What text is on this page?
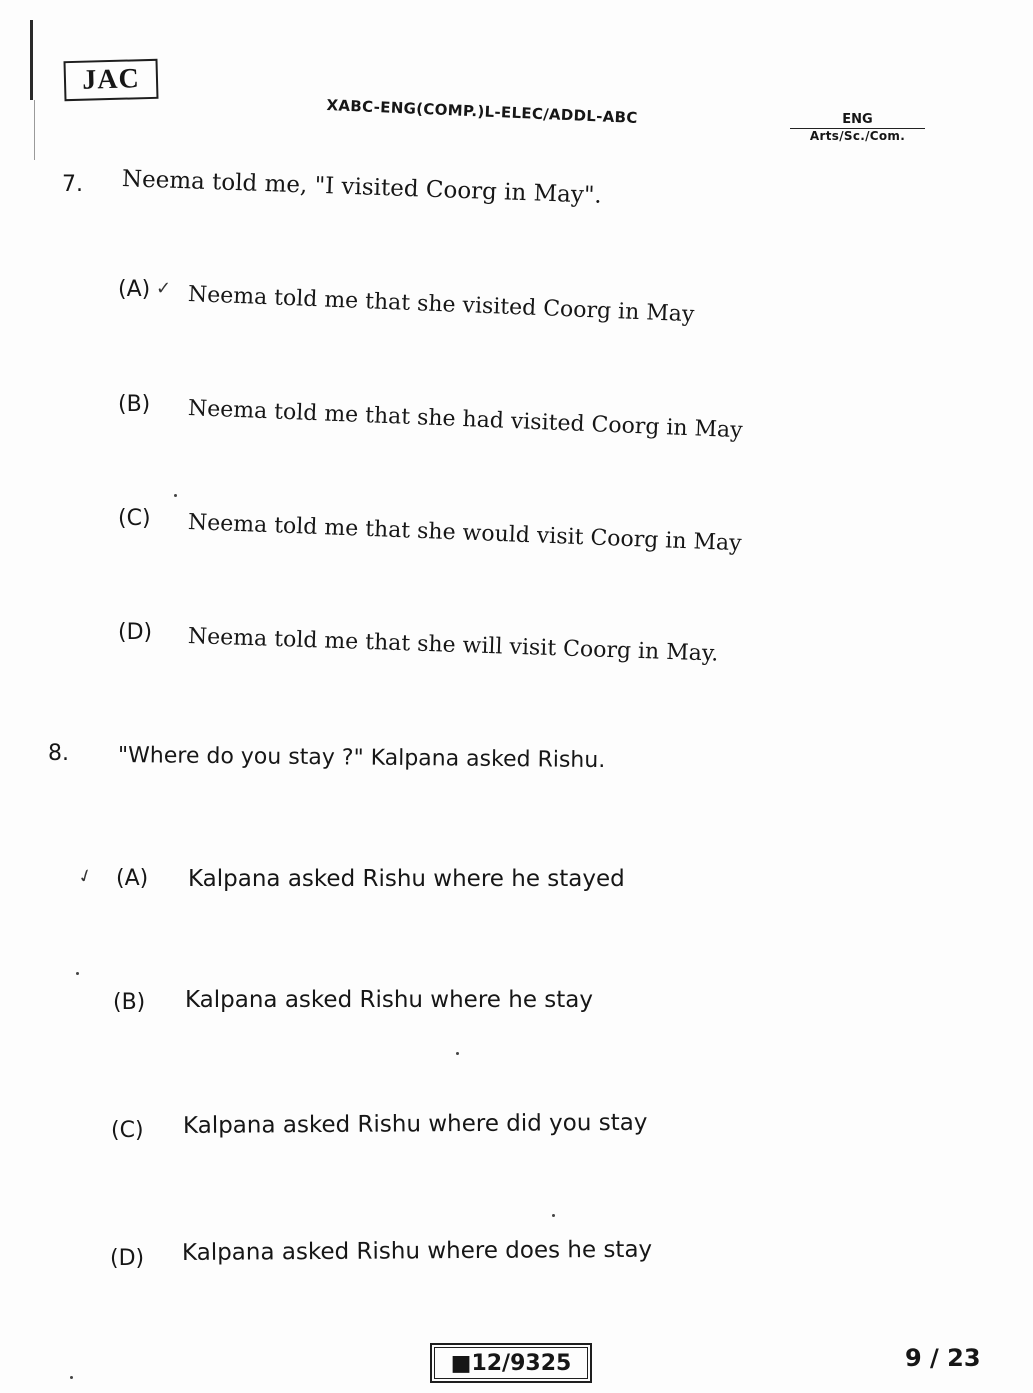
JAC
XABC-ENG(COMP.)L-ELEC/ADDL-ABC	ENG
Arts/Sc./Com.
7. Neema told me, "I visited Coorg in May".
(A) ✓ Neema told me that she visited Coorg in May
(B) Neema told me that she had visited Coorg in May
(C) Neema told me that she would visit Coorg in May
(D) Neema told me that she will visit Coorg in May.
8. "Where do you stay ?" Kalpana asked Rishu.
✓ (A) Kalpana asked Rishu where he stayed
(B) Kalpana asked Rishu where he stay
(C) Kalpana asked Rishu where did you stay
(D) Kalpana asked Rishu where does he stay
■12/9325	9 / 23
